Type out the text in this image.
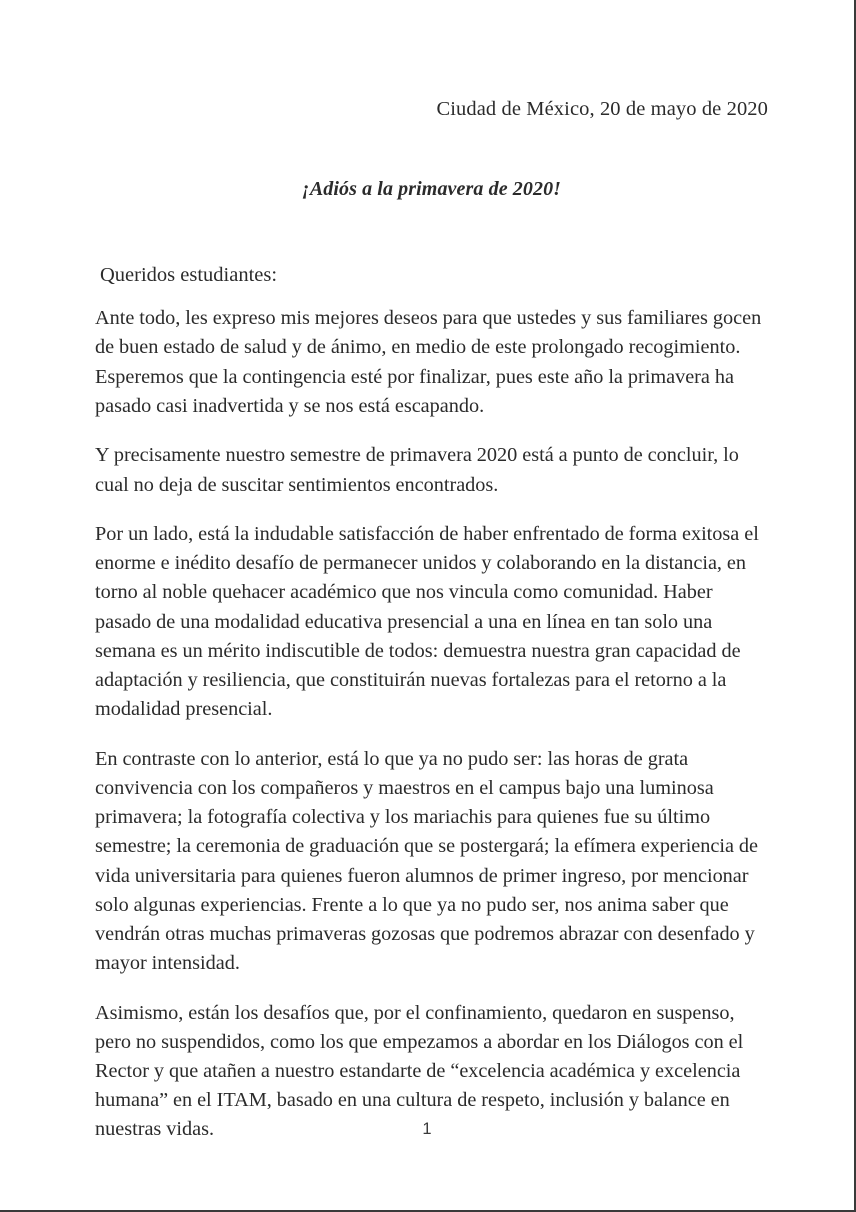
Ciudad de México, 20 de mayo de 2020
¡Adiós a la primavera de 2020!
Queridos estudiantes:

Ante todo, les expreso mis mejores deseos para que ustedes y sus familiares gocen de buen estado de salud y de ánimo, en medio de este prolongado recogimiento. Esperemos que la contingencia esté por finalizar, pues este año la primavera ha pasado casi inadvertida y se nos está escapando.

Y precisamente nuestro semestre de primavera 2020 está a punto de concluir, lo cual no deja de suscitar sentimientos encontrados.

Por un lado, está la indudable satisfacción de haber enfrentado de forma exitosa el enorme e inédito desafío de permanecer unidos y colaborando en la distancia, en torno al noble quehacer académico que nos vincula como comunidad. Haber pasado de una modalidad educativa presencial a una en línea en tan solo una semana es un mérito indiscutible de todos: demuestra nuestra gran capacidad de adaptación y resiliencia, que constituirán nuevas fortalezas para el retorno a la modalidad presencial.

En contraste con lo anterior, está lo que ya no pudo ser: las horas de grata convivencia con los compañeros y maestros en el campus bajo una luminosa primavera; la fotografía colectiva y los mariachis para quienes fue su último semestre; la ceremonia de graduación que se postergará; la efímera experiencia de vida universitaria para quienes fueron alumnos de primer ingreso, por mencionar solo algunas experiencias. Frente a lo que ya no pudo ser, nos anima saber que vendrán otras muchas primaveras gozosas que podremos abrazar con desenfado y mayor intensidad.

Asimismo, están los desafíos que, por el confinamiento, quedaron en suspenso, pero no suspendidos, como los que empezamos a abordar en los Diálogos con el Rector y que atañen a nuestro estandarte de “excelencia académica y excelencia humana” en el ITAM, basado en una cultura de respeto, inclusión y balance en nuestras vidas.	1
